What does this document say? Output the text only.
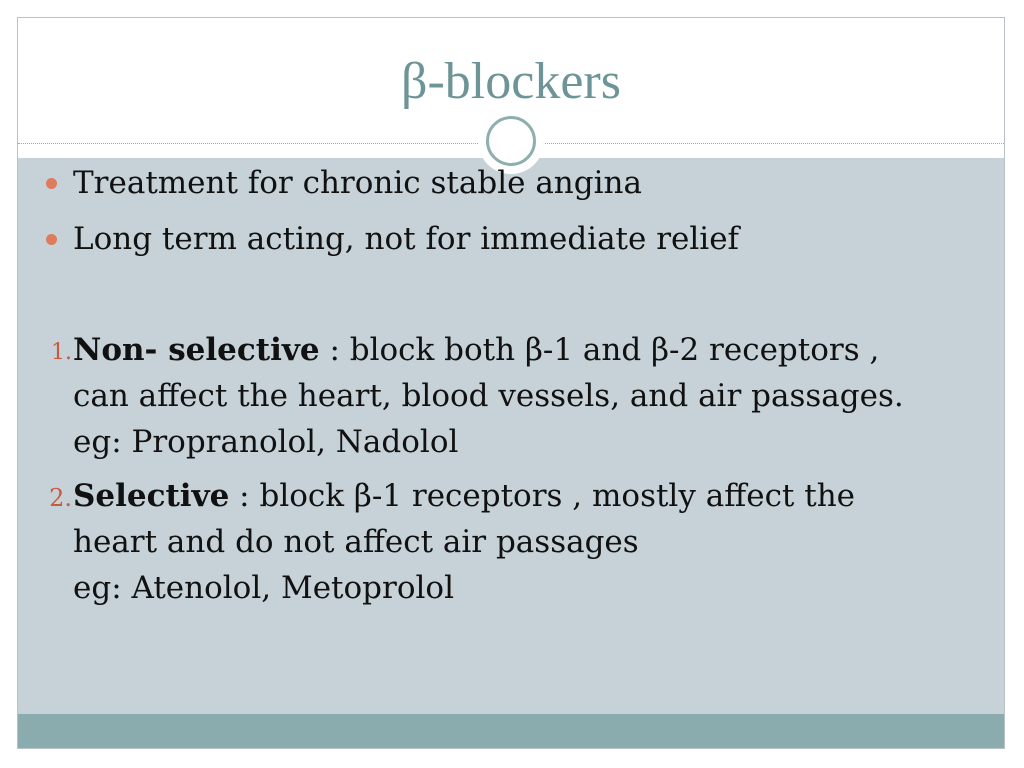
β-blockers
Treatment for chronic stable angina
Long term acting, not for immediate relief
1. Non- selective : block both β-1 and β-2 receptors ,
can affect the heart, blood vessels, and air passages.
eg: Propranolol, Nadolol
2. Selective : block β-1 receptors , mostly affect the
heart and do not affect air passages
eg: Atenolol, Metoprolol
